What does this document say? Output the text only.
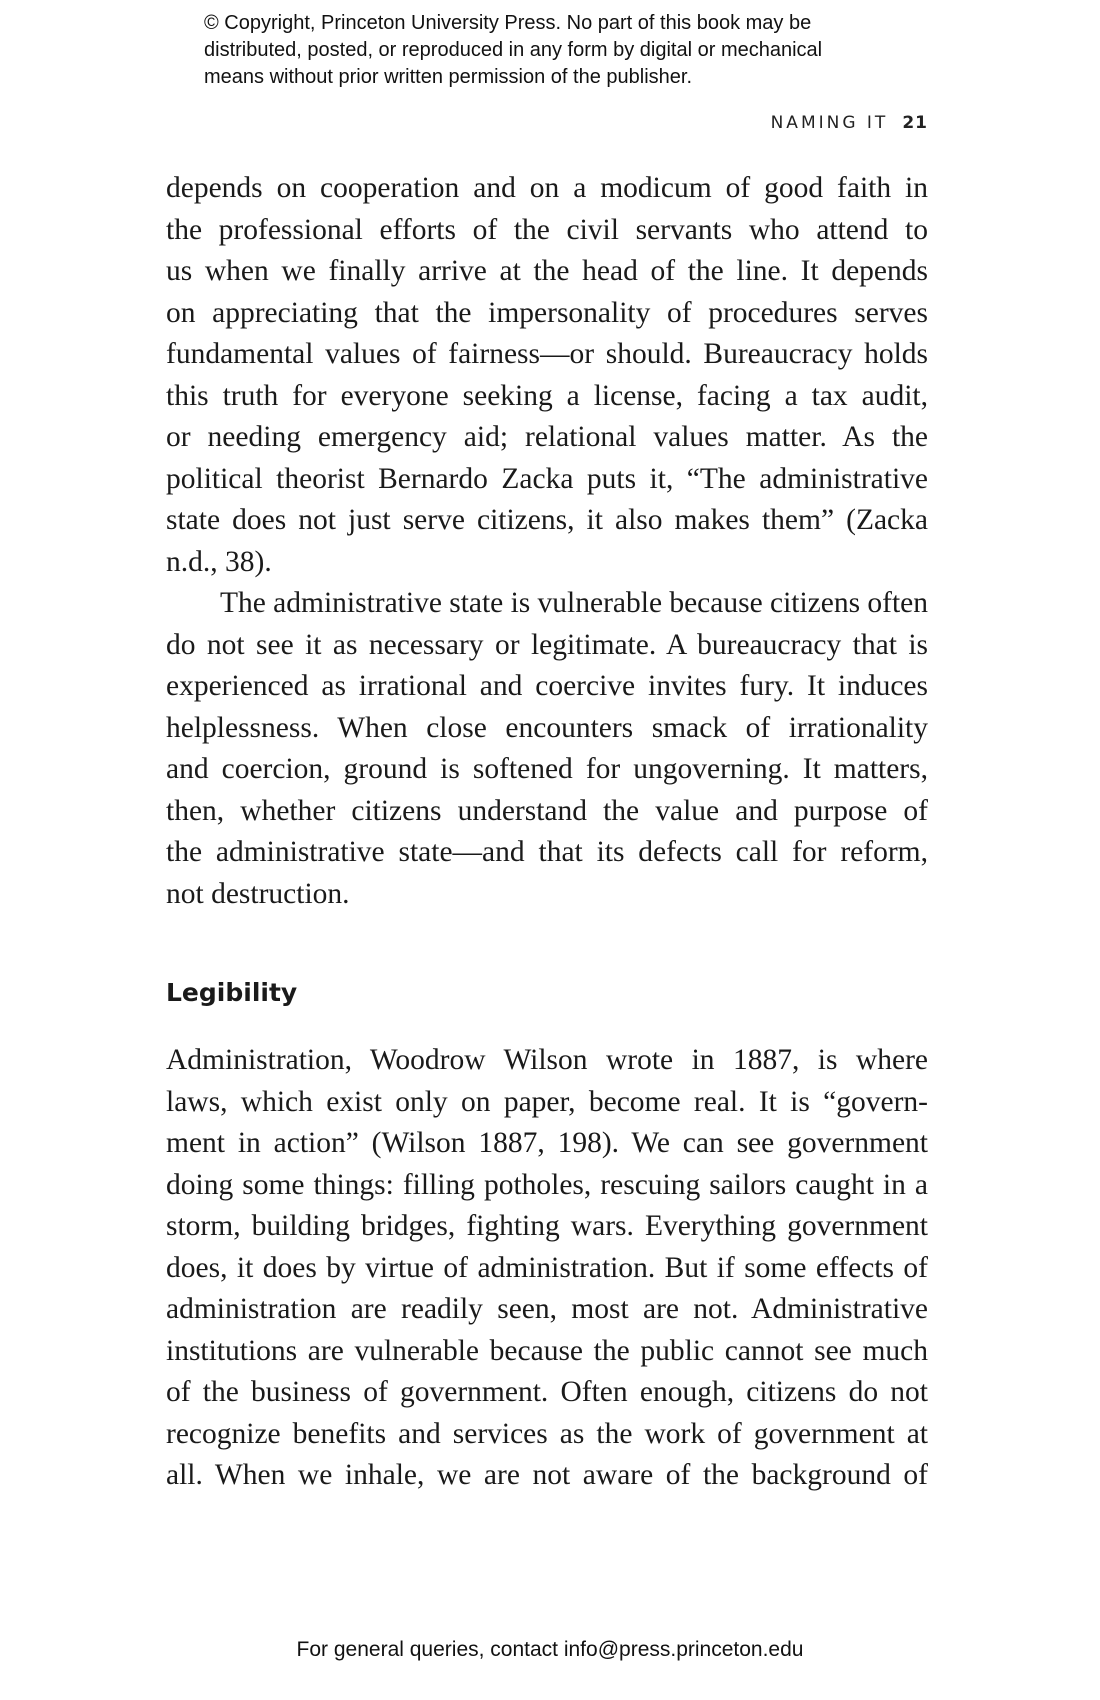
© Copyright, Princeton University Press. No part of this book may be
distributed, posted, or reproduced in any form by digital or mechanical
means without prior written permission of the publisher.
NAMING IT 21
depends on cooperation and on a modicum of good faith in
the professional efforts of the civil servants who attend to
us when we finally arrive at the head of the line. It depends
on appreciating that the impersonality of procedures serves
fundamental values of fairness—or should. Bureaucracy holds
this truth for everyone seeking a license, facing a tax audit,
or needing emergency aid; relational values matter. As the
political theorist Bernardo Zacka puts it, “The administrative
state does not just serve citizens, it also makes them” (Zacka
n.d., 38).
The administrative state is vulnerable because citizens often
do not see it as necessary or legitimate. A bureaucracy that is
experienced as irrational and coercive invites fury. It induces
helplessness. When close encounters smack of irrationality
and coercion, ground is softened for ungoverning. It matters,
then, whether citizens understand the value and purpose of
the administrative state—and that its defects call for reform,
not destruction.
Legibility
Administration, Woodrow Wilson wrote in 1887, is where
laws, which exist only on paper, become real. It is “govern-
ment in action” (Wilson 1887, 198). We can see government
doing some things: filling potholes, rescuing sailors caught in a
storm, building bridges, fighting wars. Everything government
does, it does by virtue of administration. But if some effects of
administration are readily seen, most are not. Administrative
institutions are vulnerable because the public cannot see much
of the business of government. Often enough, citizens do not
recognize benefits and services as the work of government at
all. When we inhale, we are not aware of the background of
For general queries, contact info@press.princeton.edu
